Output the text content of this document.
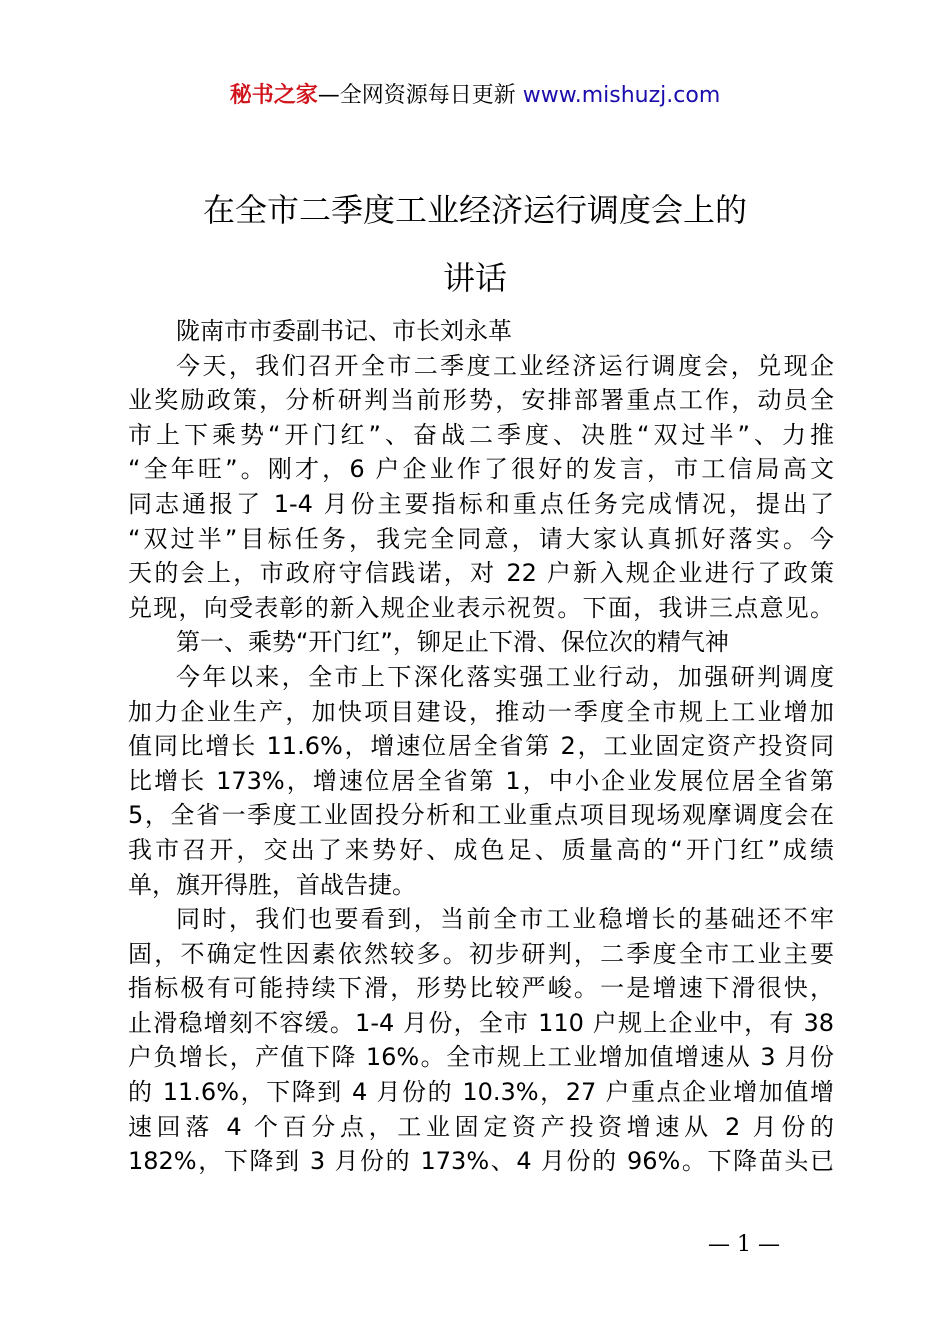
秘书之家—全网资源每日更新 www.mishuzj.com
在全市二季度工业经济运行调度会上的
讲话
陇南市市委副书记、市长刘永革
今天，我们召开全市二季度工业经济运行调度会，兑现企
业奖励政策，分析研判当前形势，安排部署重点工作，动员全
市上下乘势“开门红”、奋战二季度、决胜“双过半”、力推
“全年旺”。刚才，6 户企业作了很好的发言，市工信局高文
同志通报了 1-4 月份主要指标和重点任务完成情况，提出了
“双过半”目标任务，我完全同意，请大家认真抓好落实。今
天的会上，市政府守信践诺，对 22 户新入规企业进行了政策
兑现，向受表彰的新入规企业表示祝贺。下面，我讲三点意见。
第一、乘势“开门红”，铆足止下滑、保位次的精气神
今年以来，全市上下深化落实强工业行动，加强研判调度
加力企业生产，加快项目建设，推动一季度全市规上工业增加
值同比增长 11.6%，增速位居全省第 2，工业固定资产投资同
比增长 173%，增速位居全省第 1，中小企业发展位居全省第
5，全省一季度工业固投分析和工业重点项目现场观摩调度会在
我市召开，交出了来势好、成色足、质量高的“开门红”成绩
单，旗开得胜，首战告捷。
同时，我们也要看到，当前全市工业稳增长的基础还不牢
固，不确定性因素依然较多。初步研判，二季度全市工业主要
指标极有可能持续下滑，形势比较严峻。一是增速下滑很快，
止滑稳增刻不容缓。1-4 月份，全市 110 户规上企业中，有 38
户负增长，产值下降 16%。全市规上工业增加值增速从 3 月份
的 11.6%，下降到 4 月份的 10.3%，27 户重点企业增加值增
速回落 4 个百分点，工业固定资产投资增速从 2 月份的
182%，下降到 3 月份的 173%、4 月份的 96%。下降苗头已
— 1 —
